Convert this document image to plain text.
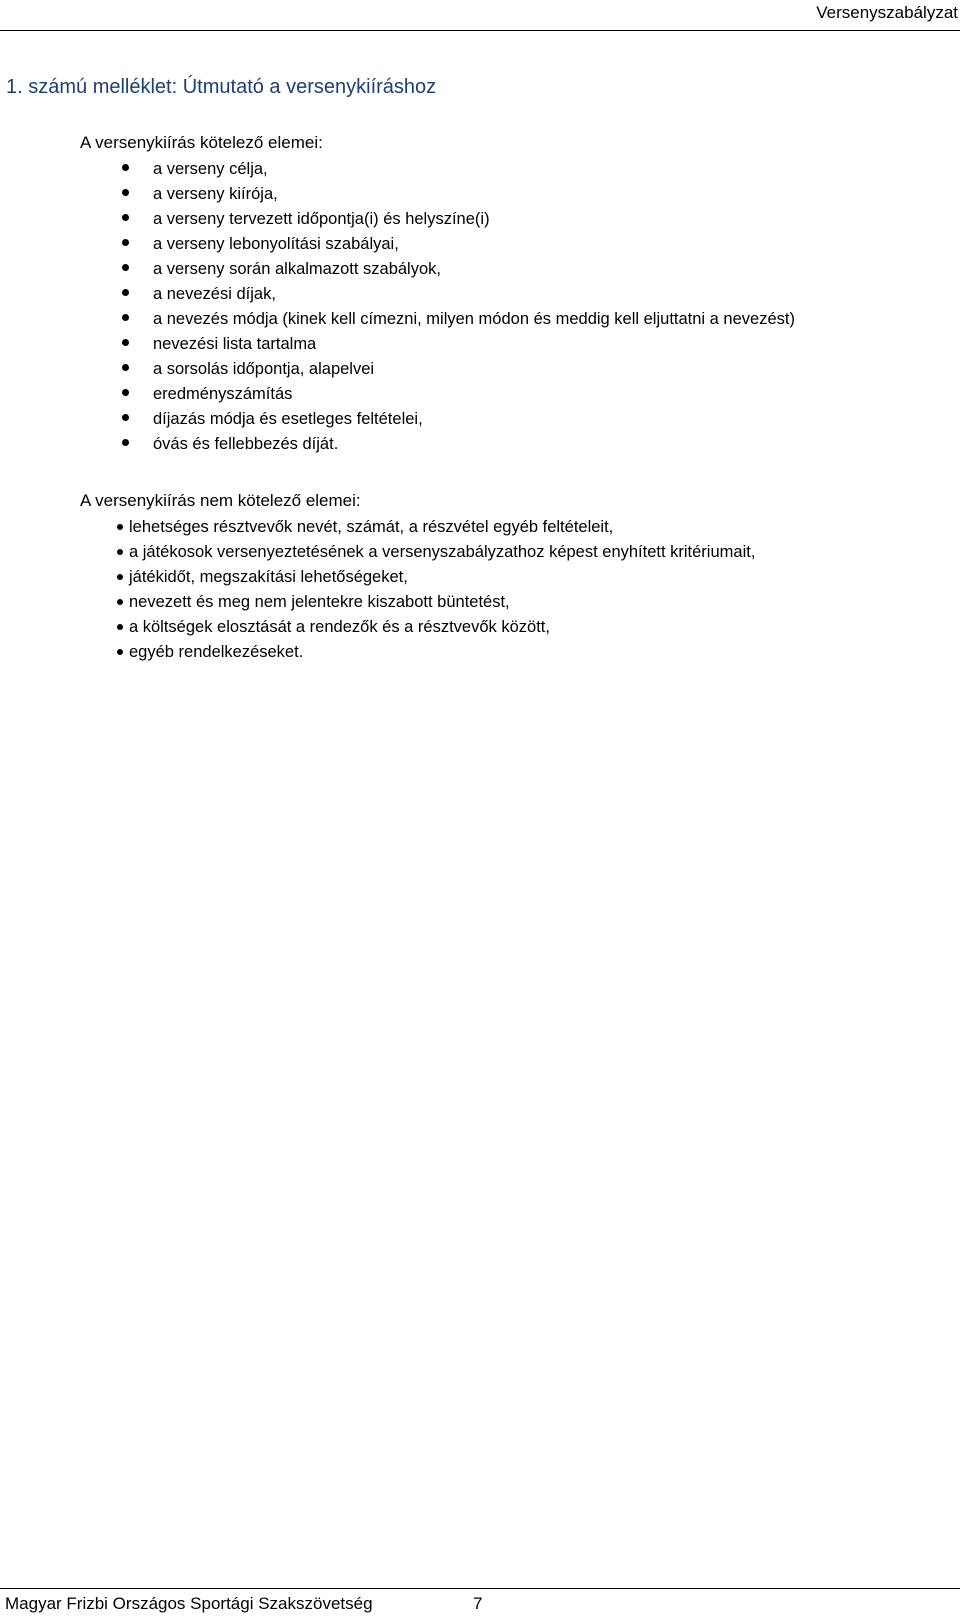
Versenyszabályzat
1. számú melléklet: Útmutató a versenykiíráshoz
A versenykiírás kötelező elemei:
a verseny célja,
a verseny kiírója,
a verseny tervezett időpontja(i) és helyszíne(i)
a verseny lebonyolítási szabályai,
a verseny során alkalmazott szabályok,
a nevezési díjak,
a nevezés módja (kinek kell címezni, milyen módon és meddig kell eljuttatni a nevezést)
nevezési lista tartalma
a sorsolás időpontja, alapelvei
eredményszámítás
díjazás módja és esetleges feltételei,
óvás és fellebbezés díját.
A versenykiírás nem kötelező elemei:
lehetséges résztvevők nevét, számát, a részvétel egyéb feltételeit,
a játékosok versenyeztetésének a versenyszabályzathoz képest enyhített kritériumait,
játékidőt, megszakítási lehetőségeket,
nevezett és meg nem jelentekre kiszabott büntetést,
a költségek elosztását a rendezők és a résztvevők között,
egyéb rendelkezéseket.
Magyar Frizbi Országos Sportági Szakszövetség	7
